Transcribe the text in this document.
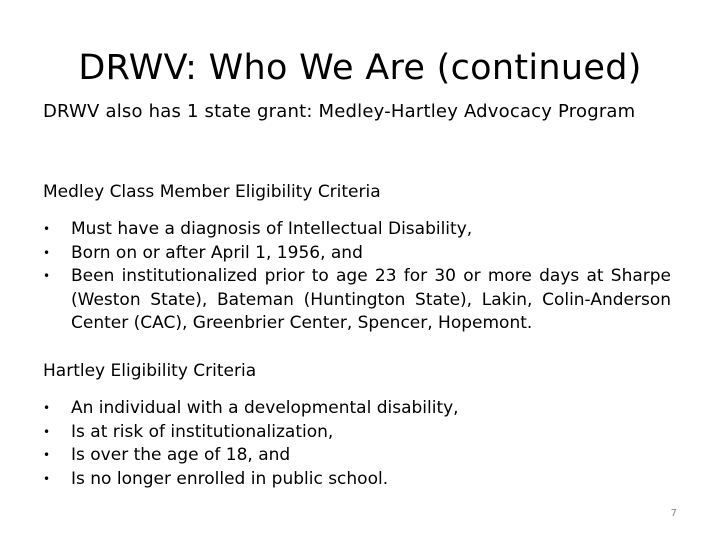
DRWV: Who We Are (continued)
DRWV also has 1 state grant: Medley-Hartley Advocacy Program
Medley Class Member Eligibility Criteria
• Must have a diagnosis of Intellectual Disability,
• Born on or after April 1, 1956, and
• Been institutionalized prior to age 23 for 30 or more days at Sharpe (Weston State), Bateman (Huntington State), Lakin, Colin-Anderson Center (CAC), Greenbrier Center, Spencer, Hopemont.
Hartley Eligibility Criteria
• An individual with a developmental disability,
• Is at risk of institutionalization,
• Is over the age of 18, and
• Is no longer enrolled in public school.
7
